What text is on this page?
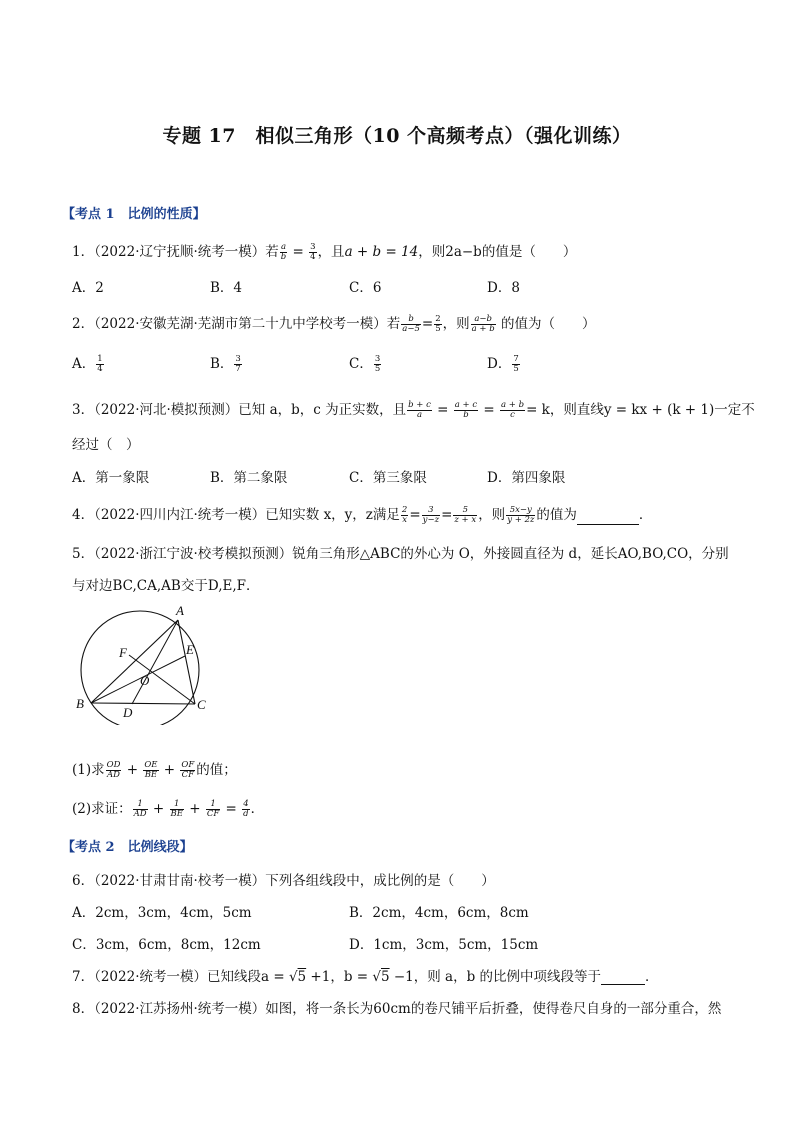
专题 17　相似三角形（10 个高频考点）（强化训练）
【考点 1　比例的性质】
1．（2022·辽宁抚顺·统考一模）若 $\frac{a}{b} = \frac{3}{4}$ ，且a + b = 14，则2a−b的值是（　　）
A．2	B．4	C．6	D．8
2．（2022·安徽芜湖·芜湖市第二十九中学校考一模）若 $\frac{b}{a-5} = \frac{2}{5}$ ，则 $\frac{a-b}{a + b}$ 的值为（　　）
A． $\frac{1}{4}$	B． $\frac{3}{7}$	C． $\frac{3}{5}$	D． $\frac{7}{5}$
3．（2022·河北·模拟预测）已知 a，b，c 为正实数，且 $\frac{b + c}{a} = \frac{a + c}{b} = \frac{a + b}{c} = k$，则直线y = kx + (k + 1)一定不
经过（　）
A．第一象限	B．第二象限	C．第三象限	D．第四象限
4．（2022·四川内江·统考一模）已知实数 x，y，z满足 $\frac{2}{x} = \frac{3}{y-z} = \frac{5}{z + x}$ ，则 $\frac{5x-y}{y + 2z}$ 的值为	．
5．（2022·浙江宁波·校考模拟预测）锐角三角形△ABC的外心为 O，外接圆直径为 d，延长AO,BO,CO，分别
与对边BC,CA,AB交于D,E,F．
A
B	C
D
E
F
O
(1)求 $\frac{OD}{AD} + \frac{OE}{BE} + \frac{OF}{CF}$ 的值；
(2)求证： $\frac{1}{AD} + \frac{1}{BE} + \frac{1}{CF} = \frac{4}{d}$ ．
【考点 2　比例线段】
6．（2022·甘肃甘南·校考一模）下列各组线段中，成比例的是（　　）
A．2cm，3cm，4cm，5cm	B．2cm，4cm，6cm，8cm
C．3cm，6cm，8cm，12cm	D．1cm，3cm，5cm，15cm
7．（2022·统考一模）已知线段a = √5 +1，b = √5 −1，则 a，b 的比例中项线段等于	．
8．（2022·江苏扬州·统考一模）如图，将一条长为60cm的卷尺铺平后折叠，使得卷尺自身的一部分重合，然
